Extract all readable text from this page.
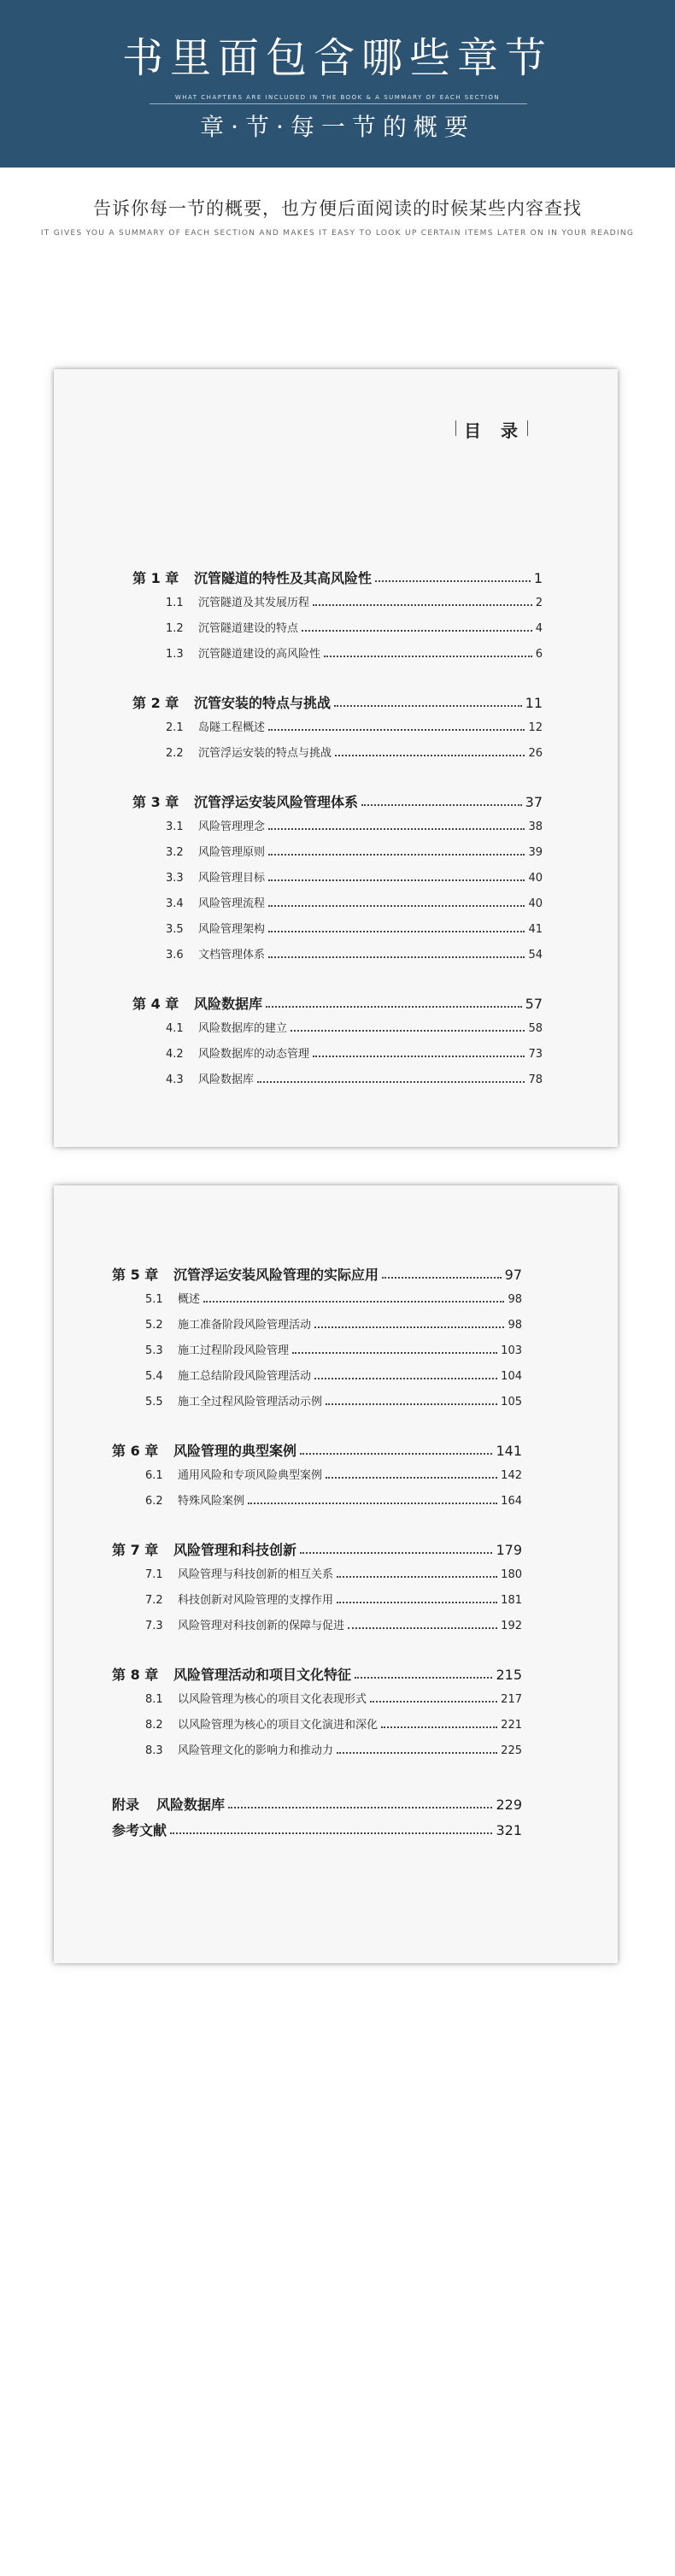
书里面包含哪些章节
WHAT CHAPTERS ARE INCLUDED IN THE BOOK & A SUMMARY OF EACH SECTION
章·节·每一节的概要
告诉你每一节的概要，也方便后面阅读的时候某些内容查找
IT GIVES YOU A SUMMARY OF EACH SECTION AND MAKES IT EASY TO LOOK UP CERTAIN ITEMS LATER ON IN YOUR READING
目 录
第 1 章	沉管隧道的特性及其高风险性	1
1.1	沉管隧道及其发展历程	2
1.2	沉管隧道建设的特点	4
1.3	沉管隧道建设的高风险性	6
第 2 章	沉管安装的特点与挑战	11
2.1	岛隧工程概述	12
2.2	沉管浮运安装的特点与挑战	26
第 3 章	沉管浮运安装风险管理体系	37
3.1	风险管理理念	38
3.2	风险管理原则	39
3.3	风险管理目标	40
3.4	风险管理流程	40
3.5	风险管理架构	41
3.6	文档管理体系	54
第 4 章	风险数据库	57
4.1	风险数据库的建立	58
4.2	风险数据库的动态管理	73
4.3	风险数据库	78
第 5 章	沉管浮运安装风险管理的实际应用	97
5.1	概述	98
5.2	施工准备阶段风险管理活动	98
5.3	施工过程阶段风险管理	103
5.4	施工总结阶段风险管理活动	104
5.5	施工全过程风险管理活动示例	105
第 6 章	风险管理的典型案例	141
6.1	通用风险和专项风险典型案例	142
6.2	特殊风险案例	164
第 7 章	风险管理和科技创新	179
7.1	风险管理与科技创新的相互关系	180
7.2	科技创新对风险管理的支撑作用	181
7.3	风险管理对科技创新的保障与促进	192
第 8 章	风险管理活动和项目文化特征	215
8.1	以风险管理为核心的项目文化表现形式	217
8.2	以风险管理为核心的项目文化演进和深化	221
8.3	风险管理文化的影响力和推动力	225
附录	风险数据库	229
参考文献	321
